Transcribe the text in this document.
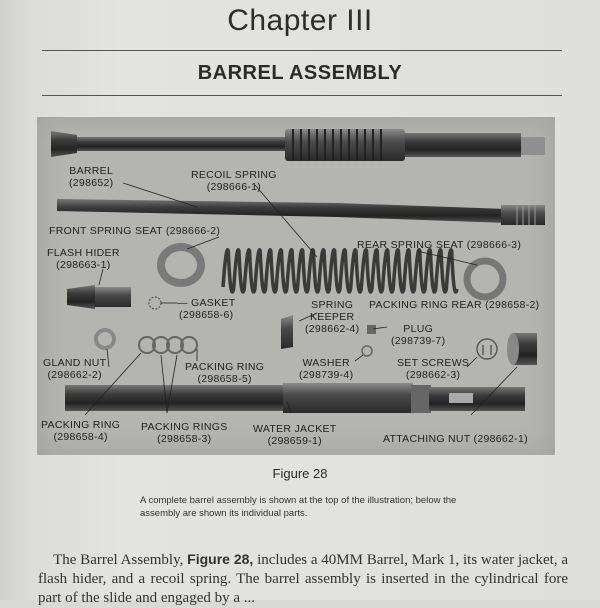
Chapter III
BARREL ASSEMBLY
BARREL
(298652)
RECOIL SPRING
(298666-1)
FRONT SPRING SEAT (298666-2)
REAR SPRING SEAT (298666-3)
FLASH HIDER
(298663-1)
— GASKET
(298658-6)
SPRING
KEEPER
(298662-4)
PACKING RING REAR (298658-2)
PLUG
(298739-7)
GLAND NUT
(298662-2)
PACKING RING
(298658-5)
WASHER
(298739-4)
SET SCREWS
(298662-3)
PACKING RING
(298658-4)
PACKING RINGS
(298658-3)
WATER JACKET
(298659-1)	ATTACHING NUT (298662-1)
Figure 28
A complete barrel assembly is shown at the top of the illustration; below the assembly are shown its individual parts.
The Barrel Assembly, Figure 28, includes a 40MM Barrel, Mark 1, its water jacket, a flash hider, and a recoil spring. The barrel assembly is inserted in the cylindrical fore part of the slide and engaged by a ...
